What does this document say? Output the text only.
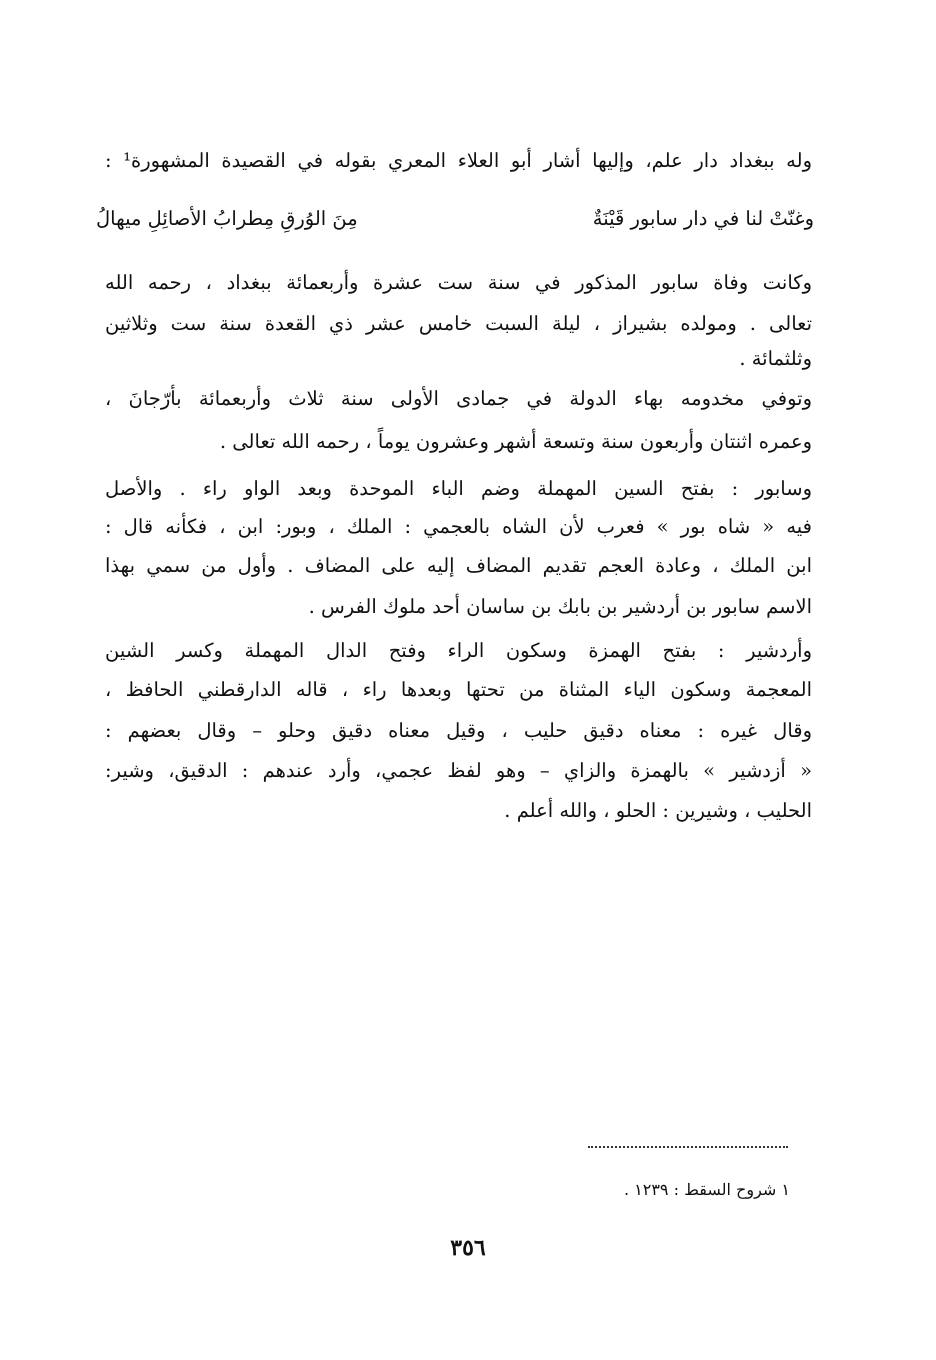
وله ببغداد دار علم، وإليها أشار أبو العلاء المعري بقوله في القصيدة المشهورة¹ :
وغنّتْ لنا في دار سابور قَيْنَةٌ
مِنَ الوُرقِ مِطرابُ الأصائِلِ ميهالُ
وكانت وفاة سابور المذكور في سنة ست عشرة وأربعمائة ببغداد ، رحمه الله
تعالى . ومولده بشيراز ، ليلة السبت خامس عشر ذي القعدة سنة ست وثلاثين
وثلثمائة .
وتوفي مخدومه بهاء الدولة في جمادى الأولى سنة ثلاث وأربعمائة بأرّجانَ ،
وعمره اثنتان وأربعون سنة وتسعة أشهر وعشرون يوماً ، رحمه الله تعالى .
وسابور : بفتح السين المهملة وضم الباء الموحدة وبعد الواو راء . والأصل
فيه « شاه بور » فعرب لأن الشاه بالعجمي : الملك ، وبور: ابن ، فكأنه قال :
ابن الملك ، وعادة العجم تقديم المضاف إليه على المضاف . وأول من سمي بهذا
الاسم سابور بن أردشير بن بابك بن ساسان أحد ملوك الفرس .
وأردشير : بفتح الهمزة وسكون الراء وفتح الدال المهملة وكسر الشين
المعجمة وسكون الياء المثناة من تحتها وبعدها راء ، قاله الدارقطني الحافظ ،
وقال غيره : معناه دقيق حليب ، وقيل معناه دقيق وحلو – وقال بعضهم :
« أزدشير » بالهمزة والزاي – وهو لفظ عجمي، وأرد عندهم : الدقيق، وشير:
الحليب ، وشيرين : الحلو ، والله أعلم .
١ شروح السقط : ١٢٣٩ .
٣٥٦
